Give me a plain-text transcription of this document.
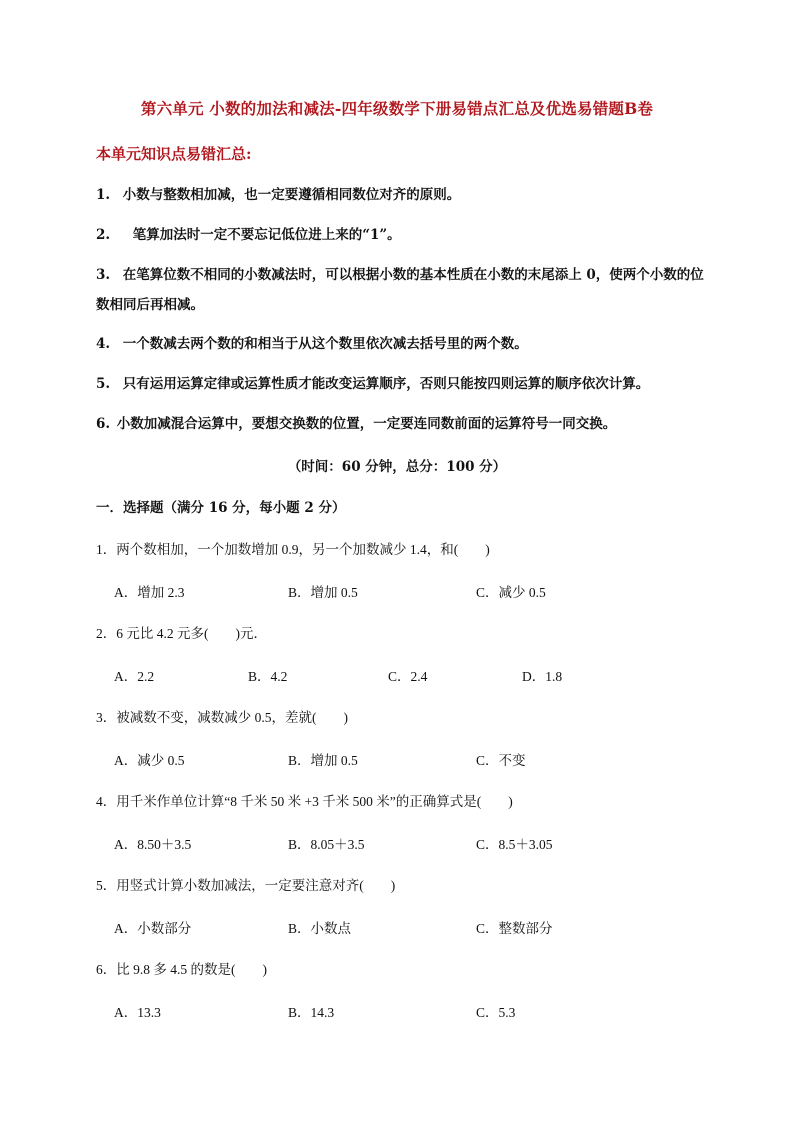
第六单元 小数的加法和减法-四年级数学下册易错点汇总及优选易错题B卷
本单元知识点易错汇总:
1. 小数与整数相加减，也一定要遵循相同数位对齐的原则。
2. 笔算加法时一定不要忘记低位进上来的“1”。
3. 在笔算位数不相同的小数减法时，可以根据小数的基本性质在小数的末尾添上 0，使两个小数的位数相同后再相减。
4. 一个数减去两个数的和相当于从这个数里依次减去括号里的两个数。
5. 只有运用运算定律或运算性质才能改变运算顺序，否则只能按四则运算的顺序依次计算。
6. 小数加减混合运算中，要想交换数的位置，一定要连同数前面的运算符号一同交换。
（时间：60 分钟，总分：100 分）
一．选择题（满分 16 分，每小题 2 分）
1．两个数相加，一个加数增加 0.9，另一个加数减少 1.4，和(　　)
A．增加 2.3	B．增加 0.5	C．减少 0.5
2．6 元比 4.2 元多(　　)元．
A．2.2	B．4.2	C．2.4	D．1.8
3．被减数不变，减数减少 0.5，差就(　　)
A．减少 0.5	B．增加 0.5	C．不变
4．用千米作单位计算“8 千米 50 米 +3 千米 500 米”的正确算式是(　　)
A．8.50＋3.5	B．8.05＋3.5	C．8.5＋3.05
5．用竖式计算小数加减法，一定要注意对齐(　　)
A．小数部分	B．小数点	C．整数部分
6．比 9.8 多 4.5 的数是(　　)
A．13.3	B．14.3	C．5.3
